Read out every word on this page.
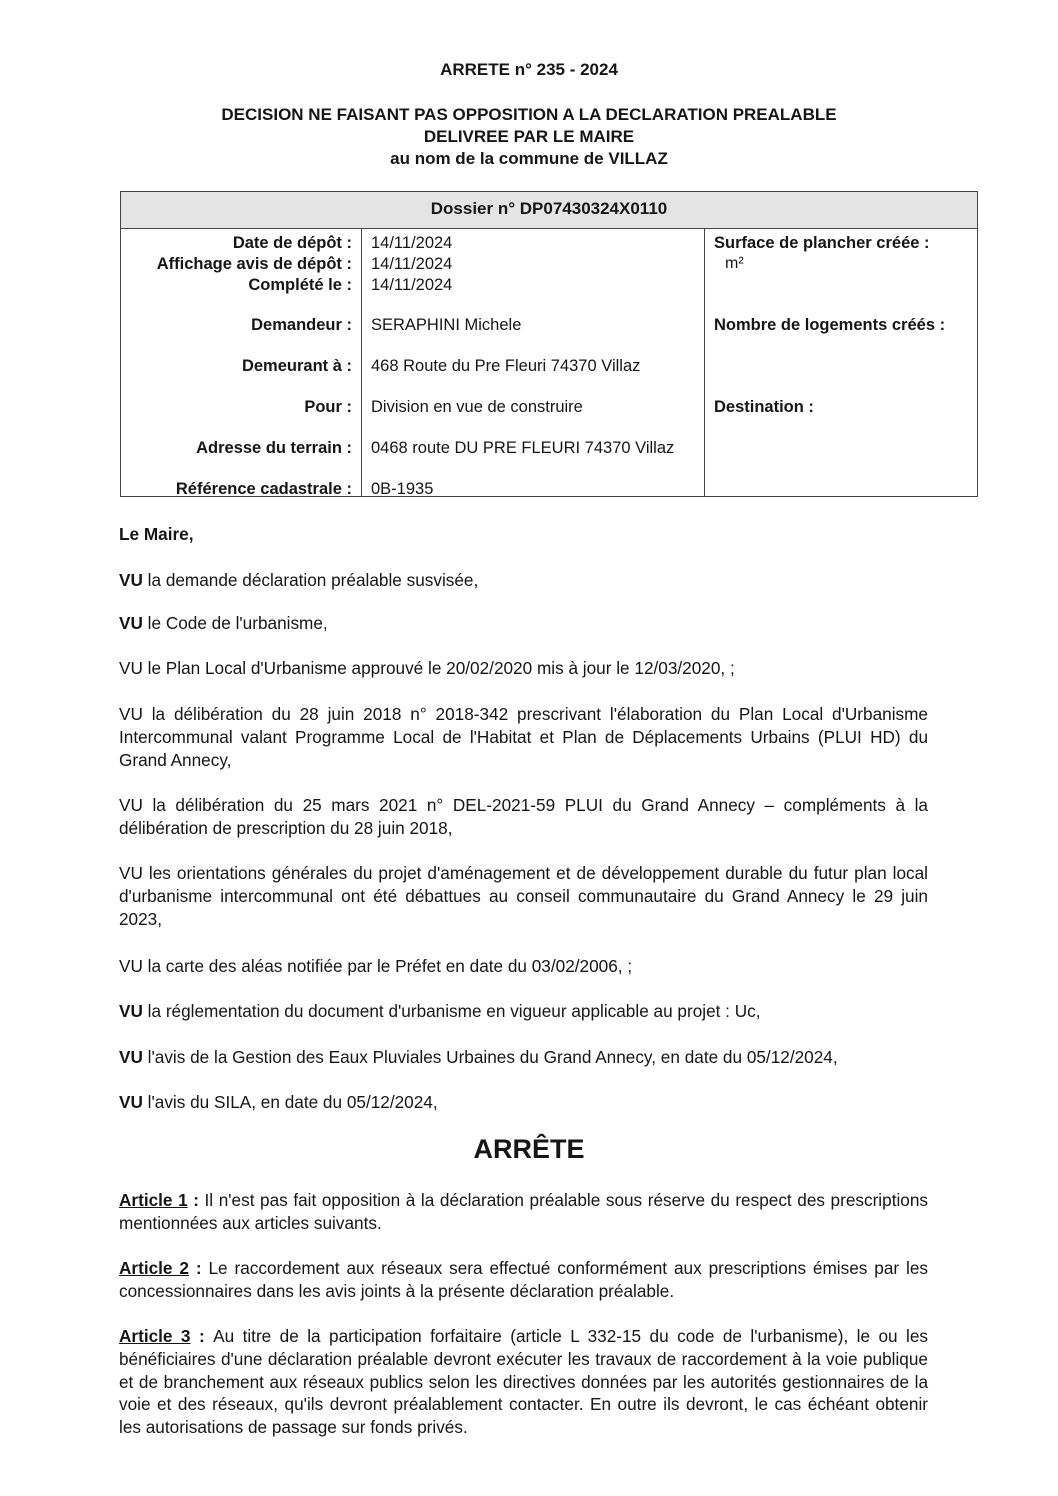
ARRETE n° 235 - 2024
DECISION NE FAISANT PAS OPPOSITION A LA DECLARATION PREALABLE
DELIVREE PAR LE MAIRE
au nom de la commune de VILLAZ
Dossier n° DP07430324X0110
Date de dépôt : 14/11/2024
Affichage avis de dépôt : 14/11/2024
Complété le : 14/11/2024
Demandeur : SERAPHINI Michele
Demeurant à : 468 Route du Pre Fleuri 74370 Villaz
Pour : Division en vue de construire
Adresse du terrain : 0468 route DU PRE FLEURI 74370 Villaz
Référence cadastrale : 0B-1935
Surface de plancher créée :
m²
Nombre de logements créés :
Destination :
Le Maire,
VU la demande déclaration préalable susvisée,
VU le Code de l'urbanisme,
VU le Plan Local d'Urbanisme approuvé le 20/02/2020 mis à jour le 12/03/2020, ;
VU la délibération du 28 juin 2018 n° 2018-342 prescrivant l'élaboration du Plan Local d'Urbanisme Intercommunal valant Programme Local de l'Habitat et Plan de Déplacements Urbains (PLUI HD) du Grand Annecy,
VU la délibération du 25 mars 2021 n° DEL-2021-59 PLUI du Grand Annecy – compléments à la délibération de prescription du 28 juin 2018,
VU les orientations générales du projet d'aménagement et de développement durable du futur plan local d'urbanisme intercommunal ont été débattues au conseil communautaire du Grand Annecy le 29 juin 2023,
VU la carte des aléas notifiée par le Préfet en date du 03/02/2006, ;
VU la réglementation du document d'urbanisme en vigueur applicable au projet : Uc,
VU l'avis de la Gestion des Eaux Pluviales Urbaines du Grand Annecy, en date du 05/12/2024,
VU l'avis du SILA, en date du 05/12/2024,
ARRÊTE
Article 1 : Il n'est pas fait opposition à la déclaration préalable sous réserve du respect des prescriptions mentionnées aux articles suivants.
Article 2 : Le raccordement aux réseaux sera effectué conformément aux prescriptions émises par les concessionnaires dans les avis joints à la présente déclaration préalable.
Article 3 : Au titre de la participation forfaitaire (article L 332-15 du code de l'urbanisme), le ou les bénéficiaires d'une déclaration préalable devront exécuter les travaux de raccordement à la voie publique et de branchement aux réseaux publics selon les directives données par les autorités gestionnaires de la voie et des réseaux, qu'ils devront préalablement contacter. En outre ils devront, le cas échéant obtenir les autorisations de passage sur fonds privés.
